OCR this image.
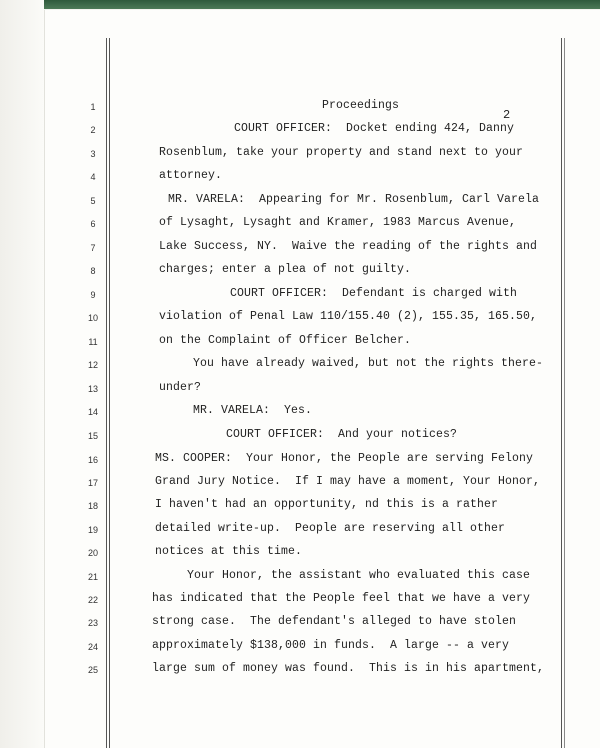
2
1	Proceedings
2	COURT OFFICER:  Docket ending 424, Danny
3	Rosenblum, take your property and stand next to your
4	attorney.
5	MR. VARELA:  Appearing for Mr. Rosenblum, Carl Varela
6	of Lysaght, Lysaght and Kramer, 1983 Marcus Avenue,
7	Lake Success, NY.  Waive the reading of the rights and
8	charges; enter a plea of not guilty.
9	COURT OFFICER:  Defendant is charged with
10	violation of Penal Law 110/155.40 (2), 155.35, 165.50,
11	on the Complaint of Officer Belcher.
12	You have already waived, but not the rights there-
13	under?
14	MR. VARELA:  Yes.
15	COURT OFFICER:  And your notices?
16	MS. COOPER:  Your Honor, the People are serving Felony
17	Grand Jury Notice.  If I may have a moment, Your Honor,
18	I haven't had an opportunity, nd this is a rather
19	detailed write-up.  People are reserving all other
20	notices at this time.
21	Your Honor, the assistant who evaluated this case
22	has indicated that the People feel that we have a very
23	strong case.  The defendant's alleged to have stolen
24	approximately $138,000 in funds.  A large -- a very
25	large sum of money was found.  This is in his apartment,
